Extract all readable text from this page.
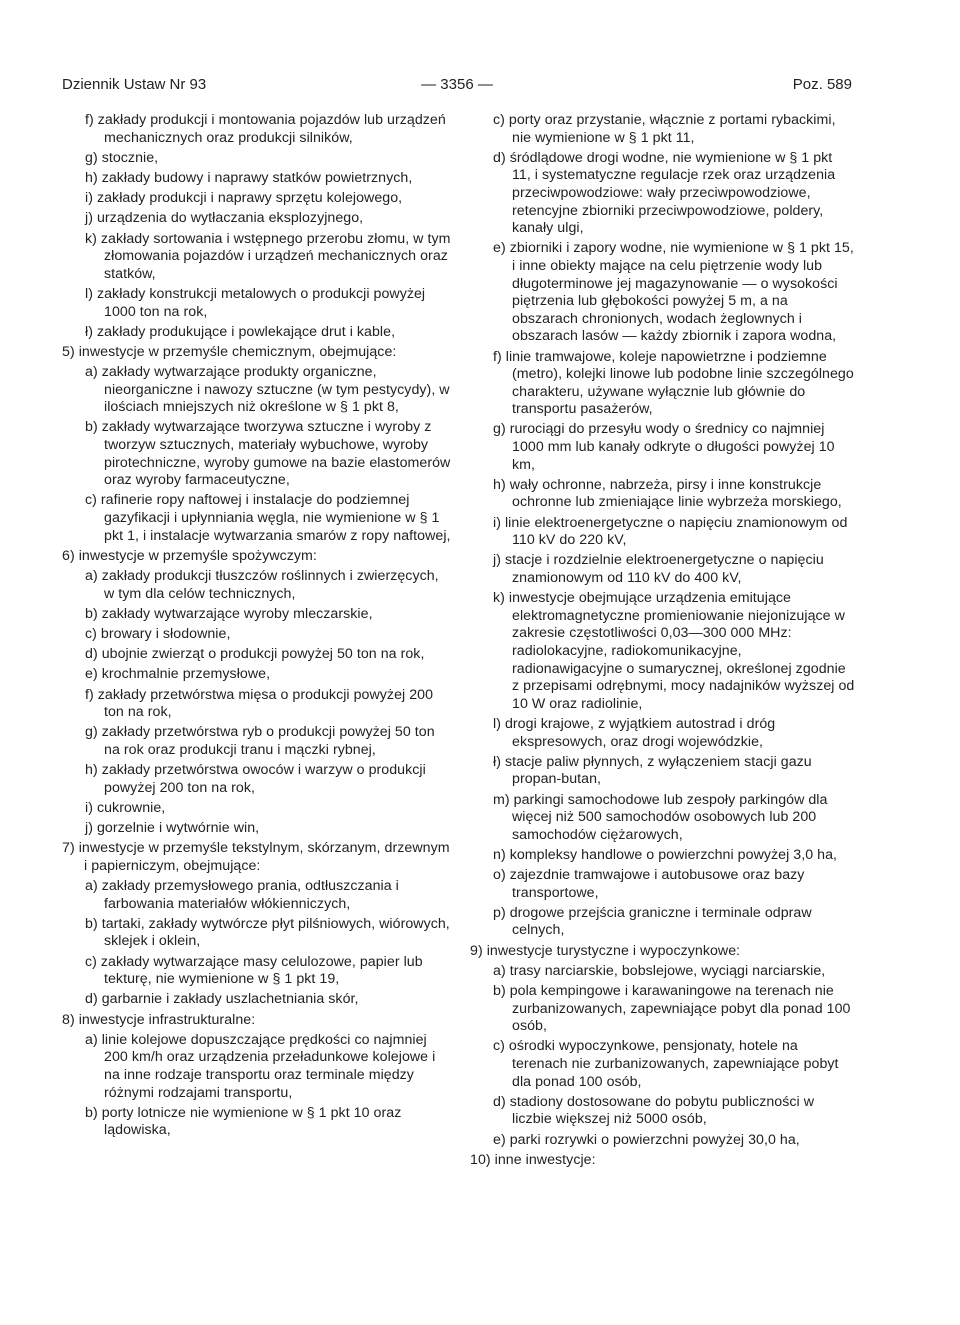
Dziennik Ustaw Nr 93	— 3356 —	Poz. 589
f) zakłady produkcji i montowania pojazdów lub urządzeń mechanicznych oraz produkcji silników,
g) stocznie,
h) zakłady budowy i naprawy statków powietrznych,
i) zakłady produkcji i naprawy sprzętu kolejowego,
j) urządzenia do wytłaczania eksplozyjnego,
k) zakłady sortowania i wstępnego przerobu złomu, w tym złomowania pojazdów i urządzeń mechanicznych oraz statków,
l) zakłady konstrukcji metalowych o produkcji powyżej 1000 ton na rok,
ł) zakłady produkujące i powlekające drut i kable,
5) inwestycje w przemyśle chemicznym, obejmujące:
a) zakłady wytwarzające produkty organiczne, nieorganiczne i nawozy sztuczne (w tym pestycydy), w ilościach mniejszych niż określone w § 1 pkt 8,
b) zakłady wytwarzające tworzywa sztuczne i wyroby z tworzyw sztucznych, materiały wybuchowe, wyroby pirotechniczne, wyroby gumowe na bazie elastomerów oraz wyroby farmaceutyczne,
c) rafinerie ropy naftowej i instalacje do podziemnej gazyfikacji i upłynniania węgla, nie wymienione w § 1 pkt 1, i instalacje wytwarzania smarów z ropy naftowej,
6) inwestycje w przemyśle spożywczym:
a) zakłady produkcji tłuszczów roślinnych i zwierzęcych, w tym dla celów technicznych,
b) zakłady wytwarzające wyroby mleczarskie,
c) browary i słodownie,
d) ubojnie zwierząt o produkcji powyżej 50 ton na rok,
e) krochmalnie przemysłowe,
f) zakłady przetwórstwa mięsa o produkcji powyżej 200 ton na rok,
g) zakłady przetwórstwa ryb o produkcji powyżej 50 ton na rok oraz produkcji tranu i mączki rybnej,
h) zakłady przetwórstwa owoców i warzyw o produkcji powyżej 200 ton na rok,
i) cukrownie,
j) gorzelnie i wytwórnie win,
7) inwestycje w przemyśle tekstylnym, skórzanym, drzewnym i papierniczym, obejmujące:
a) zakłady przemysłowego prania, odtłuszczania i farbowania materiałów włókienniczych,
b) tartaki, zakłady wytwórcze płyt pilśniowych, wiórowych, sklejek i oklein,
c) zakłady wytwarzające masy celulozowe, papier lub tekturę, nie wymienione w § 1 pkt 19,
d) garbarnie i zakłady uszlachetniania skór,
8) inwestycje infrastrukturalne:
a) linie kolejowe dopuszczające prędkości co najmniej 200 km/h oraz urządzenia przeładunkowe kolejowe i na inne rodzaje transportu oraz terminale między różnymi rodzajami transportu,
b) porty lotnicze nie wymienione w § 1 pkt 10 oraz lądowiska,
c) porty oraz przystanie, włącznie z portami rybackimi, nie wymienione w § 1 pkt 11,
d) śródlądowe drogi wodne, nie wymienione w § 1 pkt 11, i systematyczne regulacje rzek oraz urządzenia przeciwpowodziowe: wały przeciwpowodziowe, retencyjne zbiorniki przeciwpowodziowe, poldery, kanały ulgi,
e) zbiorniki i zapory wodne, nie wymienione w § 1 pkt 15, i inne obiekty mające na celu piętrzenie wody lub długoterminowe jej magazynowanie — o wysokości piętrzenia lub głębokości powyżej 5 m, a na obszarach chronionych, wodach żeglownych i obszarach lasów — każdy zbiornik i zapora wodna,
f) linie tramwajowe, koleje napowietrzne i podziemne (metro), kolejki linowe lub podobne linie szczególnego charakteru, używane wyłącznie lub głównie do transportu pasażerów,
g) rurociągi do przesyłu wody o średnicy co najmniej 1000 mm lub kanały odkryte o długości powyżej 10 km,
h) wały ochronne, nabrzeża, pirsy i inne konstrukcje ochronne lub zmieniające linie wybrzeża morskiego,
i) linie elektroenergetyczne o napięciu znamionowym od 110 kV do 220 kV,
j) stacje i rozdzielnie elektroenergetyczne o napięciu znamionowym od 110 kV do 400 kV,
k) inwestycje obejmujące urządzenia emitujące elektromagnetyczne promieniowanie niejonizujące w zakresie częstotliwości 0,03—300 000 MHz: radiolokacyjne, radiokomunikacyjne, radionawigacyjne o sumarycznej, określonej zgodnie z przepisami odrębnymi, mocy nadajników wyższej od 10 W oraz radiolinie,
l) drogi krajowe, z wyjątkiem autostrad i dróg ekspresowych, oraz drogi wojewódzkie,
ł) stacje paliw płynnych, z wyłączeniem stacji gazu propan-butan,
m) parkingi samochodowe lub zespoły parkingów dla więcej niż 500 samochodów osobowych lub 200 samochodów ciężarowych,
n) kompleksy handlowe o powierzchni powyżej 3,0 ha,
o) zajezdnie tramwajowe i autobusowe oraz bazy transportowe,
p) drogowe przejścia graniczne i terminale odpraw celnych,
9) inwestycje turystyczne i wypoczynkowe:
a) trasy narciarskie, bobslejowe, wyciągi narciarskie,
b) pola kempingowe i karawaningowe na terenach nie zurbanizowanych, zapewniające pobyt dla ponad 100 osób,
c) ośrodki wypoczynkowe, pensjonaty, hotele na terenach nie zurbanizowanych, zapewniające pobyt dla ponad 100 osób,
d) stadiony dostosowane do pobytu publiczności w liczbie większej niż 5000 osób,
e) parki rozrywki o powierzchni powyżej 30,0 ha,
10) inne inwestycje:
